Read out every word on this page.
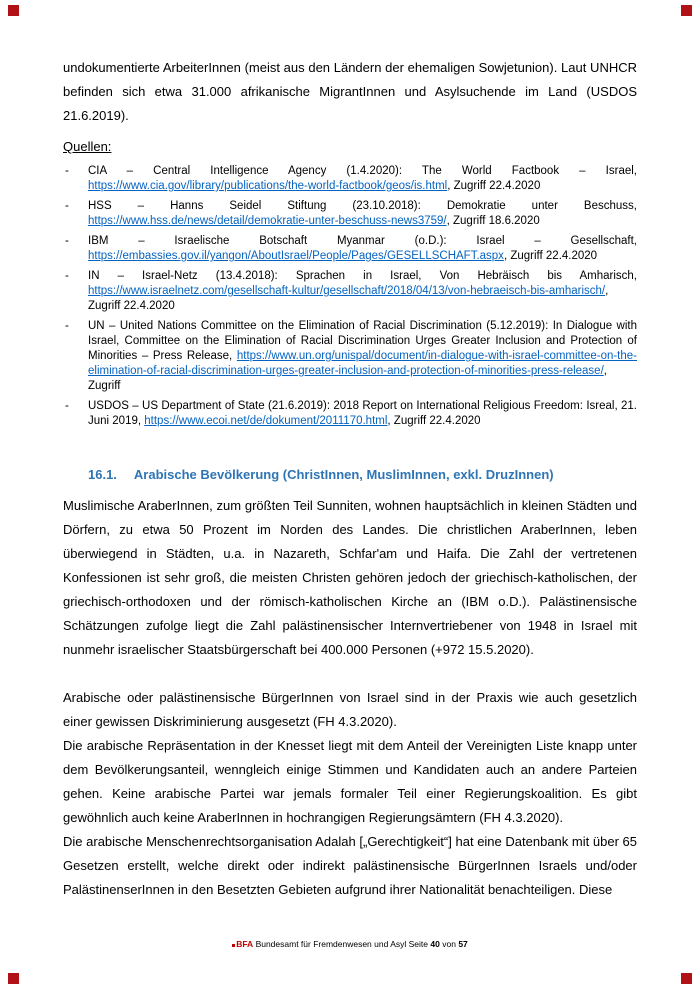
undokumentierte ArbeiterInnen (meist aus den Ländern der ehemaligen Sowjetunion). Laut UNHCR befinden sich etwa 31.000 afrikanische MigrantInnen und Asylsuchende im Land (USDOS 21.6.2019).

Quellen:

- CIA – Central Intelligence Agency (1.4.2020): The World Factbook – Israel, https://www.cia.gov/library/publications/the-world-factbook/geos/is.html, Zugriff 22.4.2020
- HSS – Hanns Seidel Stiftung (23.10.2018): Demokratie unter Beschuss, https://www.hss.de/news/detail/demokratie-unter-beschuss-news3759/, Zugriff 18.6.2020
- IBM – Israelische Botschaft Myanmar (o.D.): Israel – Gesellschaft, https://embassies.gov.il/yangon/AboutIsrael/People/Pages/GESELLSCHAFT.aspx, Zugriff 22.4.2020
- IN – Israel-Netz (13.4.2018): Sprachen in Israel, Von Hebräisch bis Amharisch, https://www.israelnetz.com/gesellschaft-kultur/gesellschaft/2018/04/13/von-hebraeisch-bis-amharisch/, Zugriff 22.4.2020
- UN – United Nations Committee on the Elimination of Racial Discrimination (5.12.2019): In Dialogue with Israel, Committee on the Elimination of Racial Discrimination Urges Greater Inclusion and Protection of Minorities – Press Release, https://www.un.org/unispal/document/in-dialogue-with-israel-committee-on-the-elimination-of-racial-discrimination-urges-greater-inclusion-and-protection-of-minorities-press-release/, Zugriff
- USDOS – US Department of State (21.6.2019): 2018 Report on International Religious Freedom: Isreal, 21. Juni 2019, https://www.ecoi.net/de/dokument/2011170.html, Zugriff 22.4.2020
16.1. Arabische Bevölkerung (ChristInnen, MuslimInnen, exkl. DruzInnen)

Muslimische AraberInnen, zum größten Teil Sunniten, wohnen hauptsächlich in kleinen Städten und Dörfern, zu etwa 50 Prozent im Norden des Landes. Die christlichen AraberInnen, leben überwiegend in Städten, u.a. in Nazareth, Schfar'am und Haifa. Die Zahl der vertretenen Konfessionen ist sehr groß, die meisten Christen gehören jedoch der griechisch-katholischen, der griechisch-orthodoxen und der römisch-katholischen Kirche an (IBM o.D.). Palästinensische Schätzungen zufolge liegt die Zahl palästinensischer Internvertriebener von 1948 in Israel mit nunmehr israelischer Staatsbürgerschaft bei 400.000 Personen (+972 15.5.2020).

Arabische oder palästinensische BürgerInnen von Israel sind in der Praxis wie auch gesetzlich einer gewissen Diskriminierung ausgesetzt (FH 4.3.2020).

Die arabische Repräsentation in der Knesset liegt mit dem Anteil der Vereinigten Liste knapp unter dem Bevölkerungsanteil, wenngleich einige Stimmen und Kandidaten auch an andere Parteien gehen. Keine arabische Partei war jemals formaler Teil einer Regierungskoalition. Es gibt gewöhnlich auch keine AraberInnen in hochrangigen Regierungsämtern (FH 4.3.2020).

Die arabische Menschenrechtsorganisation Adalah [„Gerechtigkeit“] hat eine Datenbank mit über 65 Gesetzen erstellt, welche direkt oder indirekt palästinensische BürgerInnen Israels und/oder PalästinenserInnen in den Besetzten Gebieten aufgrund ihrer Nationalität benachteiligen. Diese

BFA Bundesamt für Fremdenwesen und Asyl Seite 40 von 57
